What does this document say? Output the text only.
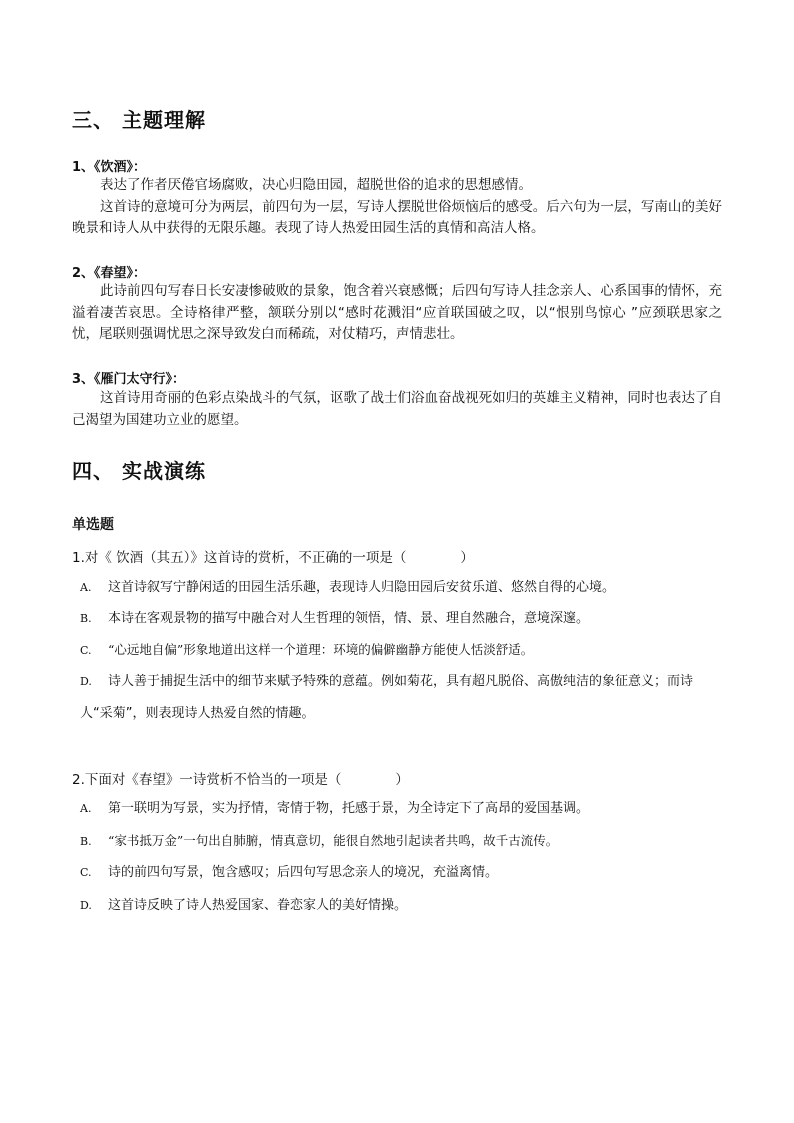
三、 主题理解
1、《饮酒》：

表达了作者厌倦官场腐败，决心归隐田园，超脱世俗的追求的思想感情。

这首诗的意境可分为两层，前四句为一层，写诗人摆脱世俗烦恼后的感受。后六句为一层，写南山的美好晚景和诗人从中获得的无限乐趣。表现了诗人热爱田园生活的真情和高洁人格。

2、《春望》：

此诗前四句写春日长安凄惨破败的景象，饱含着兴衰感慨；后四句写诗人挂念亲人、心系国事的情怀，充溢着凄苦哀思。全诗格律严整，颔联分别以“感时花溅泪“应首联国破之叹，以“恨别鸟惊心 ”应颈联思家之忧，尾联则强调忧思之深导致发白而稀疏，对仗精巧，声情悲壮。

3、《雁门太守行》：

这首诗用奇丽的色彩点染战斗的气氛，讴歌了战士们浴血奋战视死如归的英雄主义精神，同时也表达了自己渴望为国建功立业的愿望。

四、 实战演练
单选题
1.对《 饮酒（其五）》这首诗的赏析，不正确的一项是（　　　　）
A. 这首诗叙写宁静闲适的田园生活乐趣，表现诗人归隐田园后安贫乐道、悠然自得的心境。
B. 本诗在客观景物的描写中融合对人生哲理的领悟，情、景、理自然融合，意境深邃。
C. “心远地自偏”形象地道出这样一个道理：环境的偏僻幽静方能使人恬淡舒适。
D. 诗人善于捕捉生活中的细节来赋予特殊的意蕴。例如菊花，具有超凡脱俗、高傲纯洁的象征意义；而诗人“采菊”，则表现诗人热爱自然的情趣。
2.下面对《春望》一诗赏析不恰当的一项是（　　　　）
A. 第一联明为写景，实为抒情，寄情于物，托感于景，为全诗定下了高昂的爱国基调。
B. “家书抵万金”一句出自肺腑，情真意切，能很自然地引起读者共鸣，故千古流传。
C. 诗的前四句写景，饱含感叹；后四句写思念亲人的境况，充溢离情。
D. 这首诗反映了诗人热爱国家、眷恋家人的美好情操。
